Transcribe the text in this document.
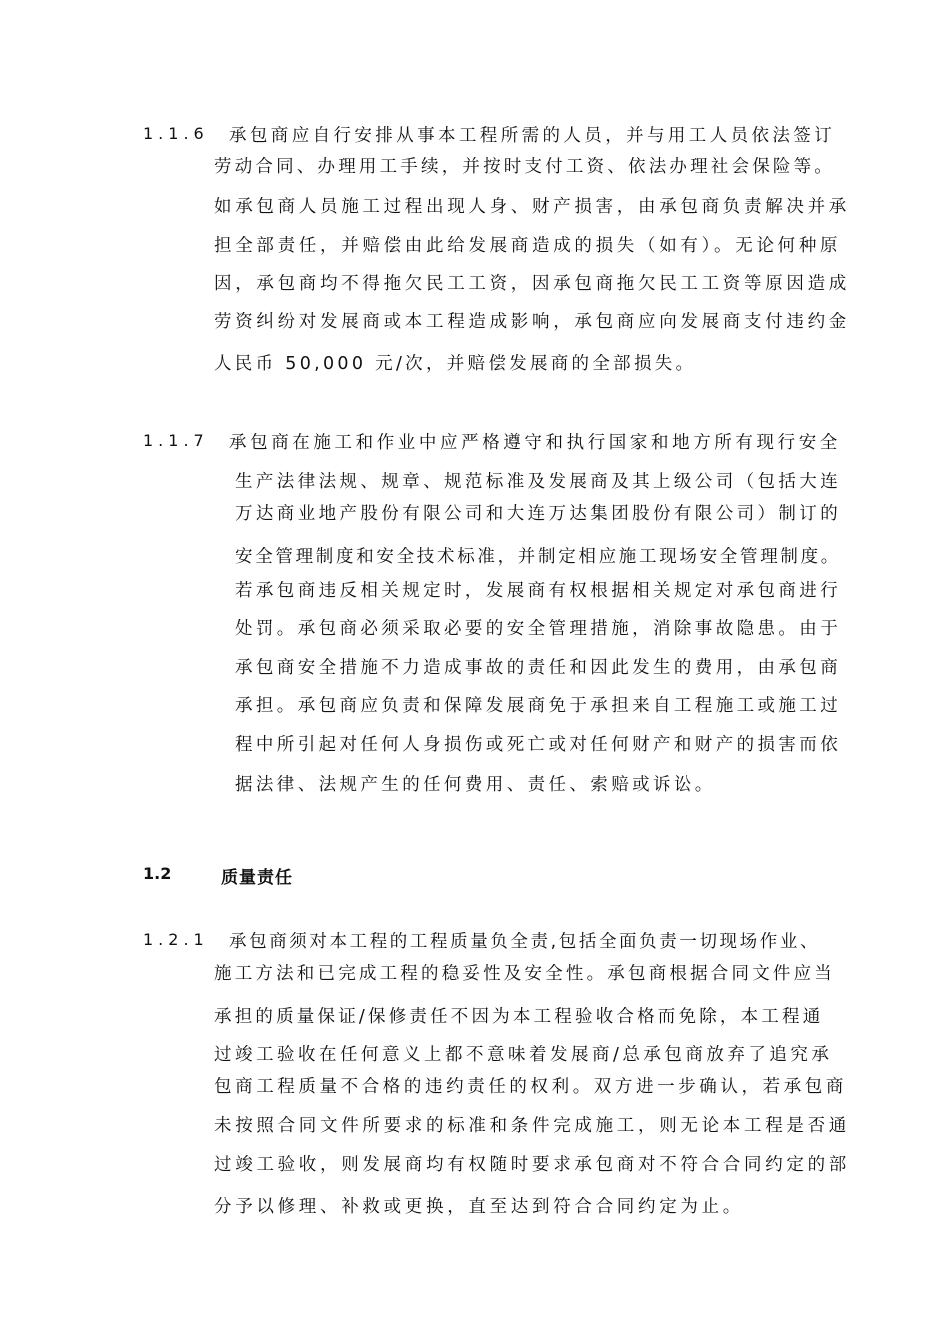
1.1.6 承包商应自行安排从事本工程所需的人员，并与用工人员依法签订
劳动合同、办理用工手续，并按时支付工资、依法办理社会保险等。
如承包商人员施工过程出现人身、财产损害，由承包商负责解决并承
担全部责任，并赔偿由此给发展商造成的损失（如有）。无论何种原
因，承包商均不得拖欠民工工资，因承包商拖欠民工工资等原因造成
劳资纠纷对发展商或本工程造成影响，承包商应向发展商支付违约金
人民币 50,000 元/次，并赔偿发展商的全部损失。
1.1.7 承包商在施工和作业中应严格遵守和执行国家和地方所有现行安全
生产法律法规、规章、规范标准及发展商及其上级公司（包括大连
万达商业地产股份有限公司和大连万达集团股份有限公司）制订的
安全管理制度和安全技术标准，并制定相应施工现场安全管理制度。
若承包商违反相关规定时，发展商有权根据相关规定对承包商进行
处罚。承包商必须采取必要的安全管理措施，消除事故隐患。由于
承包商安全措施不力造成事故的责任和因此发生的费用，由承包商
承担。承包商应负责和保障发展商免于承担来自工程施工或施工过
程中所引起对任何人身损伤或死亡或对任何财产和财产的损害而依
据法律、法规产生的任何费用、责任、索赔或诉讼。
1.2	质量责任
1.2.1 承包商须对本工程的工程质量负全责,包括全面负责一切现场作业、
施工方法和已完成工程的稳妥性及安全性。承包商根据合同文件应当
承担的质量保证/保修责任不因为本工程验收合格而免除，本工程通
过竣工验收在任何意义上都不意味着发展商/总承包商放弃了追究承
包商工程质量不合格的违约责任的权利。双方进一步确认，若承包商
未按照合同文件所要求的标准和条件完成施工，则无论本工程是否通
过竣工验收，则发展商均有权随时要求承包商对不符合合同约定的部
分予以修理、补救或更换，直至达到符合合同约定为止。
